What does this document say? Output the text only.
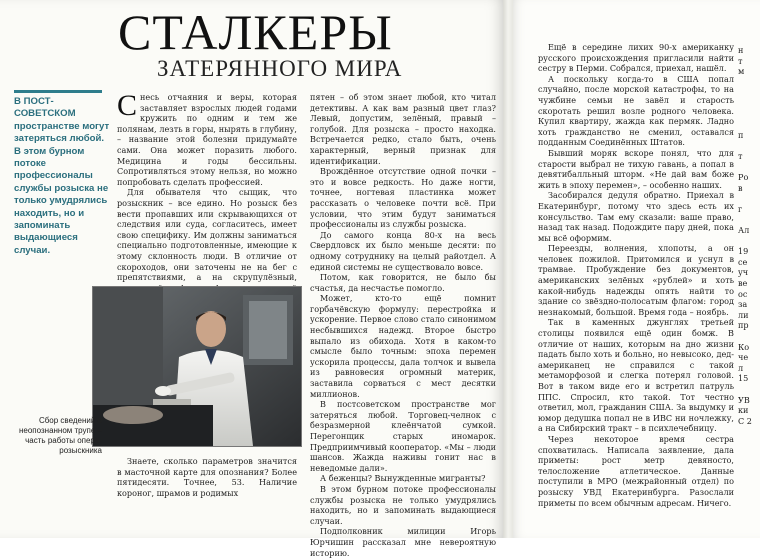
СТАЛКЕРЫ
ЗАТЕРЯННОГО МИРА
В ПОСТ-СОВЕТСКОМ пространстве могут затеряться любой. В этом бурном потоке профессионалы службы розыска не только умудрялись находить, но и запоминать выдающиеся случаи.

Снесь отчаяния и веры, которая заставляет взрослых людей годами кружить по одним и тем же полянам, лезть в горы, нырять в глубину, – название этой болезни придумайте сами. Она может поразить любого. Медицина и годы бессильны. Сопротивляться этому нельзя, но можно попробовать сделать профессией.

Для обывателя что сыщик, что розыскник – все едино. Но розыск без вести пропавших или скрывающихся от следствия или суда, согласитесь, имеет свою специфику. Им должны заниматься специально подготовленные, имеющие к этому склонность люди. В отличие от скороходов, они заточены не на бег с препятствиями, а на скрупулёзный,

Сбор сведений о неопознанном трупе – часть работы опера-розыскника

Знаете, сколько параметров значится в масточной карте для опознания? Более пятидесяти. Точнее, 53. Наличие короног, шрамов и родимых

пятен – об этом знает любой, кто читал детективы. А как вам разный цвет глаз? Левый, допустим, зелёный, правый – голубой. Для розыска – просто находка. Встречается редко, стало быть, очень характерный, верный признак для идентификации.

Врождённое отсутствие одной почки – это и вовсе редкость. Но даже ногти, точнее, ногтевая пластинка может рассказать о человеке почти всё. При условии, что этим будут заниматься профессионалы из службы розыска.

До самого конца 80-х на весь Свердловск их было меньше десяти: по одному сотруднику на целый райотдел. А единой системы не существовало вовсе.

Потом, как говорится, не было бы счастья, да несчастье помогло.

Может, кто-то ещё помнит горбачёвскую формулу: перестройка и ускорение. Первое слово стало синонимом несбывшихся надежд. Второе быстро выпало из обихода. Хотя в каком-то смысле было точным: эпоха перемен ускорила процессы, дала толчок и вывела из равновесия огромный материк, заставила сорваться с мест десятки миллионов.

В постсоветском пространстве мог затеряться любой. Торговец-челнок с безразмерной клеёнчатой сумкой. Перегонщик старых иномарок. Предприимчивый кооператор. «Мы – люди шансов. Жажда наживы гонит нас в неведомые дали».

А беженцы? Вынужденные мигранты?

В этом бурном потоке профессионалы службы розыска не только умудрялись находить, но и запоминать выдающиеся случаи.

Подполковник милиции Игорь Юрчишин рассказал мне невероятную историю.

Ещё в середине лихих 90-х американку русского происхождения пригласили найти сестру в Перми. Собрался, приехал, нашёл.

А поскольку когда-то в США попал случайно, после морской катастрофы, то на чужбине семьи не завёл и старость скоротать решил возле родного человека. Купил квартиру, жажда как пермяк. Ладно хоть гражданство не сменил, оставался подданным Соединённых Штатов.

Бывший моряк вскоре понял, что для старости выбрал не тихую гавань, а попал в девятибалльный шторм. «Не дай вам боже жить в эпоху перемен», – особенно наших.

Засобирался дедуля обратно. Приехал в Екатеринбург, потому что здесь есть их консульство. Там ему сказали: ваше право, назад так назад. Подождите пару дней, пока мы всё оформим.

Переезды, волнения, хлопоты, а он человек пожилой. Притомился и уснул в трамвае. Пробуждение без документов, американских зелёных «рублей» и хоть какой-нибудь надежды опять найти то здание со звёздно-полосатым флагом: город незнакомый, большой. Время года – ноябрь.

Так в каменных джунглях третьей столицы появился ещё один бомж. В отличие от наших, которым на дно жизни падать было хоть и больно, но невысоко, дед-американец не справился с такой метаморфозой и слегка потерял головой. Вот в таком виде его и встретил патруль ППС. Спросил, кто такой. Тот честно ответил, мол, гражданин США. За выдумку и юмор дедушка попал не в ИВС ни ночлежку, а на Сибирский тракт – в психлечебницу.

Через некоторое время сестра спохватилась. Написала заявление, дала приметы: рост метр девяносто, телосложение атлетическое. Данные поступили в МРО (межрайонный отдел) по розыску УВД Екатеринбурга. Разослали приметы по всем обычным адресам. Ничего.

н
т
м
п
т
Ро
в
г
Ал
19
се
уч
ве
ос
за
ли
пр
Ко
че
л
15
УВ
ки
С 2
